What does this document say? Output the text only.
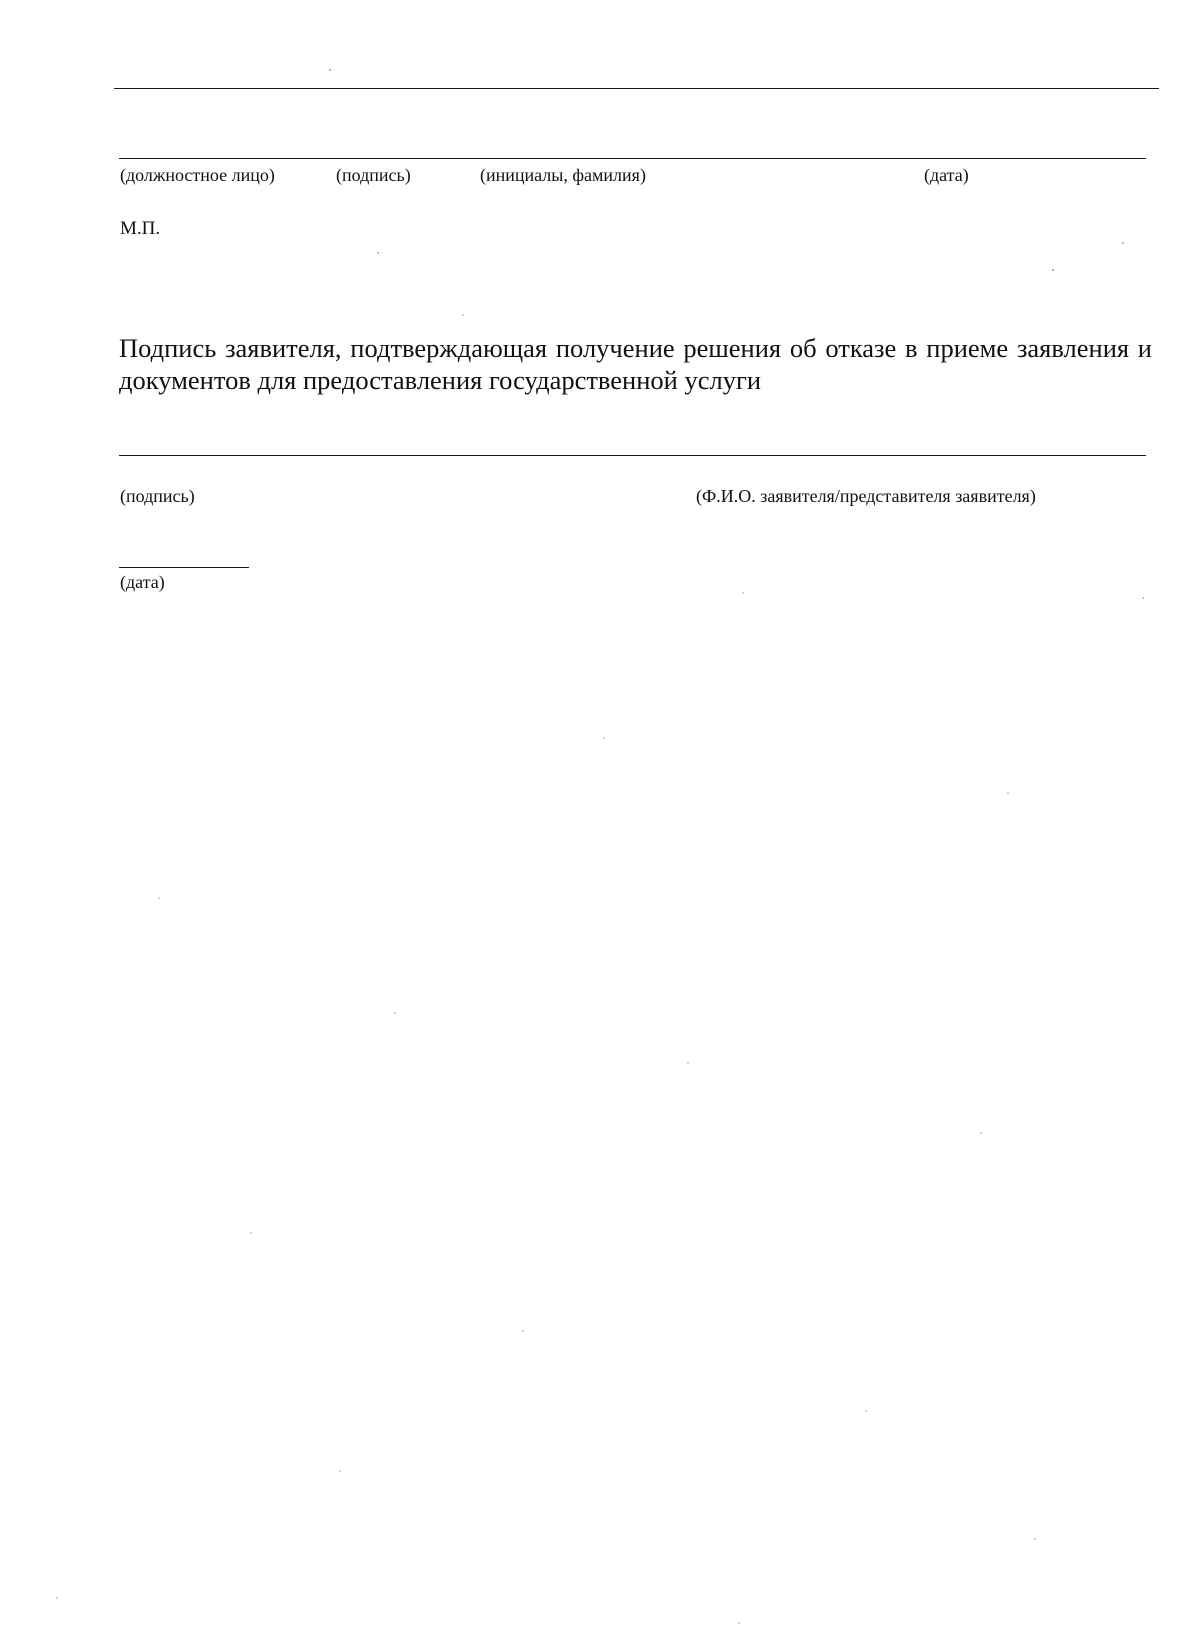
(должностное лицо)	(подпись)	(инициалы, фамилия)	(дата)
М.П.
Подпись заявителя, подтверждающая получение решения об отказе в приеме заявления и документов для предоставления государственной услуги
(подпись)	(Ф.И.О. заявителя/представителя заявителя)
(дата)
